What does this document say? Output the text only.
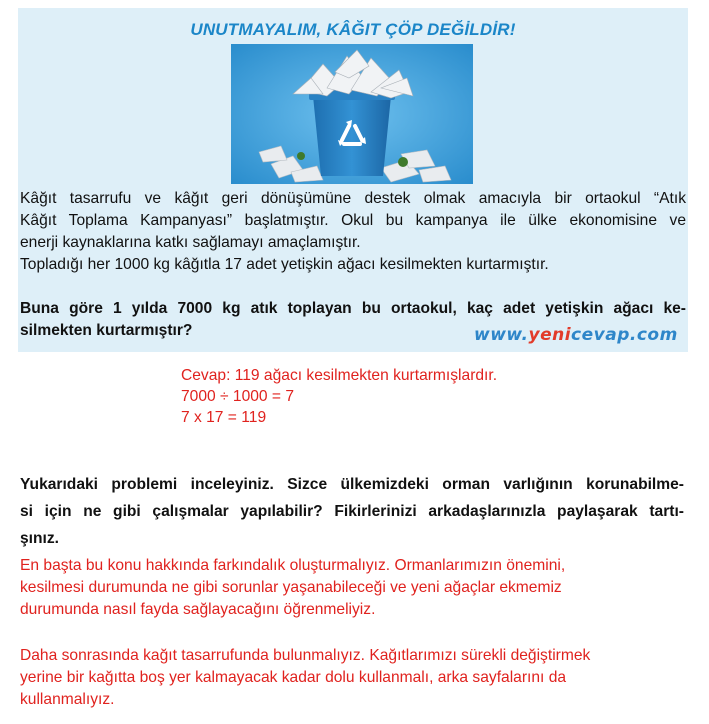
UNUTMAYALIM, KÂĞIT ÇÖP DEĞİLDİR!
Kâğıt tasarrufu ve kâğıt geri dönüşümüne destek olmak amacıyla bir ortaokul “Atık
Kâğıt Toplama Kampanyası” başlatmıştır. Okul bu kampanya ile ülke ekonomisine ve
enerji kaynaklarına katkı sağlamayı amaçlamıştır.
Topladığı her 1000 kg kâğıtla 17 adet yetişkin ağacı kesilmekten kurtarmıştır.
Buna göre 1 yılda 7000 kg atık toplayan bu ortaokul, kaç adet yetişkin ağacı ke-
silmekten kurtarmıştır?	www.yenicevap.com
Cevap: 119 ağacı kesilmekten kurtarmışlardır.
7000 ÷ 1000 = 7
7 x 17 = 119
Yukarıdaki problemi inceleyiniz. Sizce ülkemizdeki orman varlığının korunabilme-
si için ne gibi çalışmalar yapılabilir? Fikirlerinizi arkadaşlarınızla paylaşarak tartı-
şınız.
En başta bu konu hakkında farkındalık oluşturmalıyız. Ormanlarımızın önemini,
kesilmesi durumunda ne gibi sorunlar yaşanabileceği ve yeni ağaçlar ekmemiz
durumunda nasıl fayda sağlayacağını öğrenmeliyiz.
Daha sonrasında kağıt tasarrufunda bulunmalıyız. Kağıtlarımızı sürekli değiştirmek
yerine bir kağıtta boş yer kalmayacak kadar dolu kullanmalı, arka sayfalarını da
kullanmalıyız.
